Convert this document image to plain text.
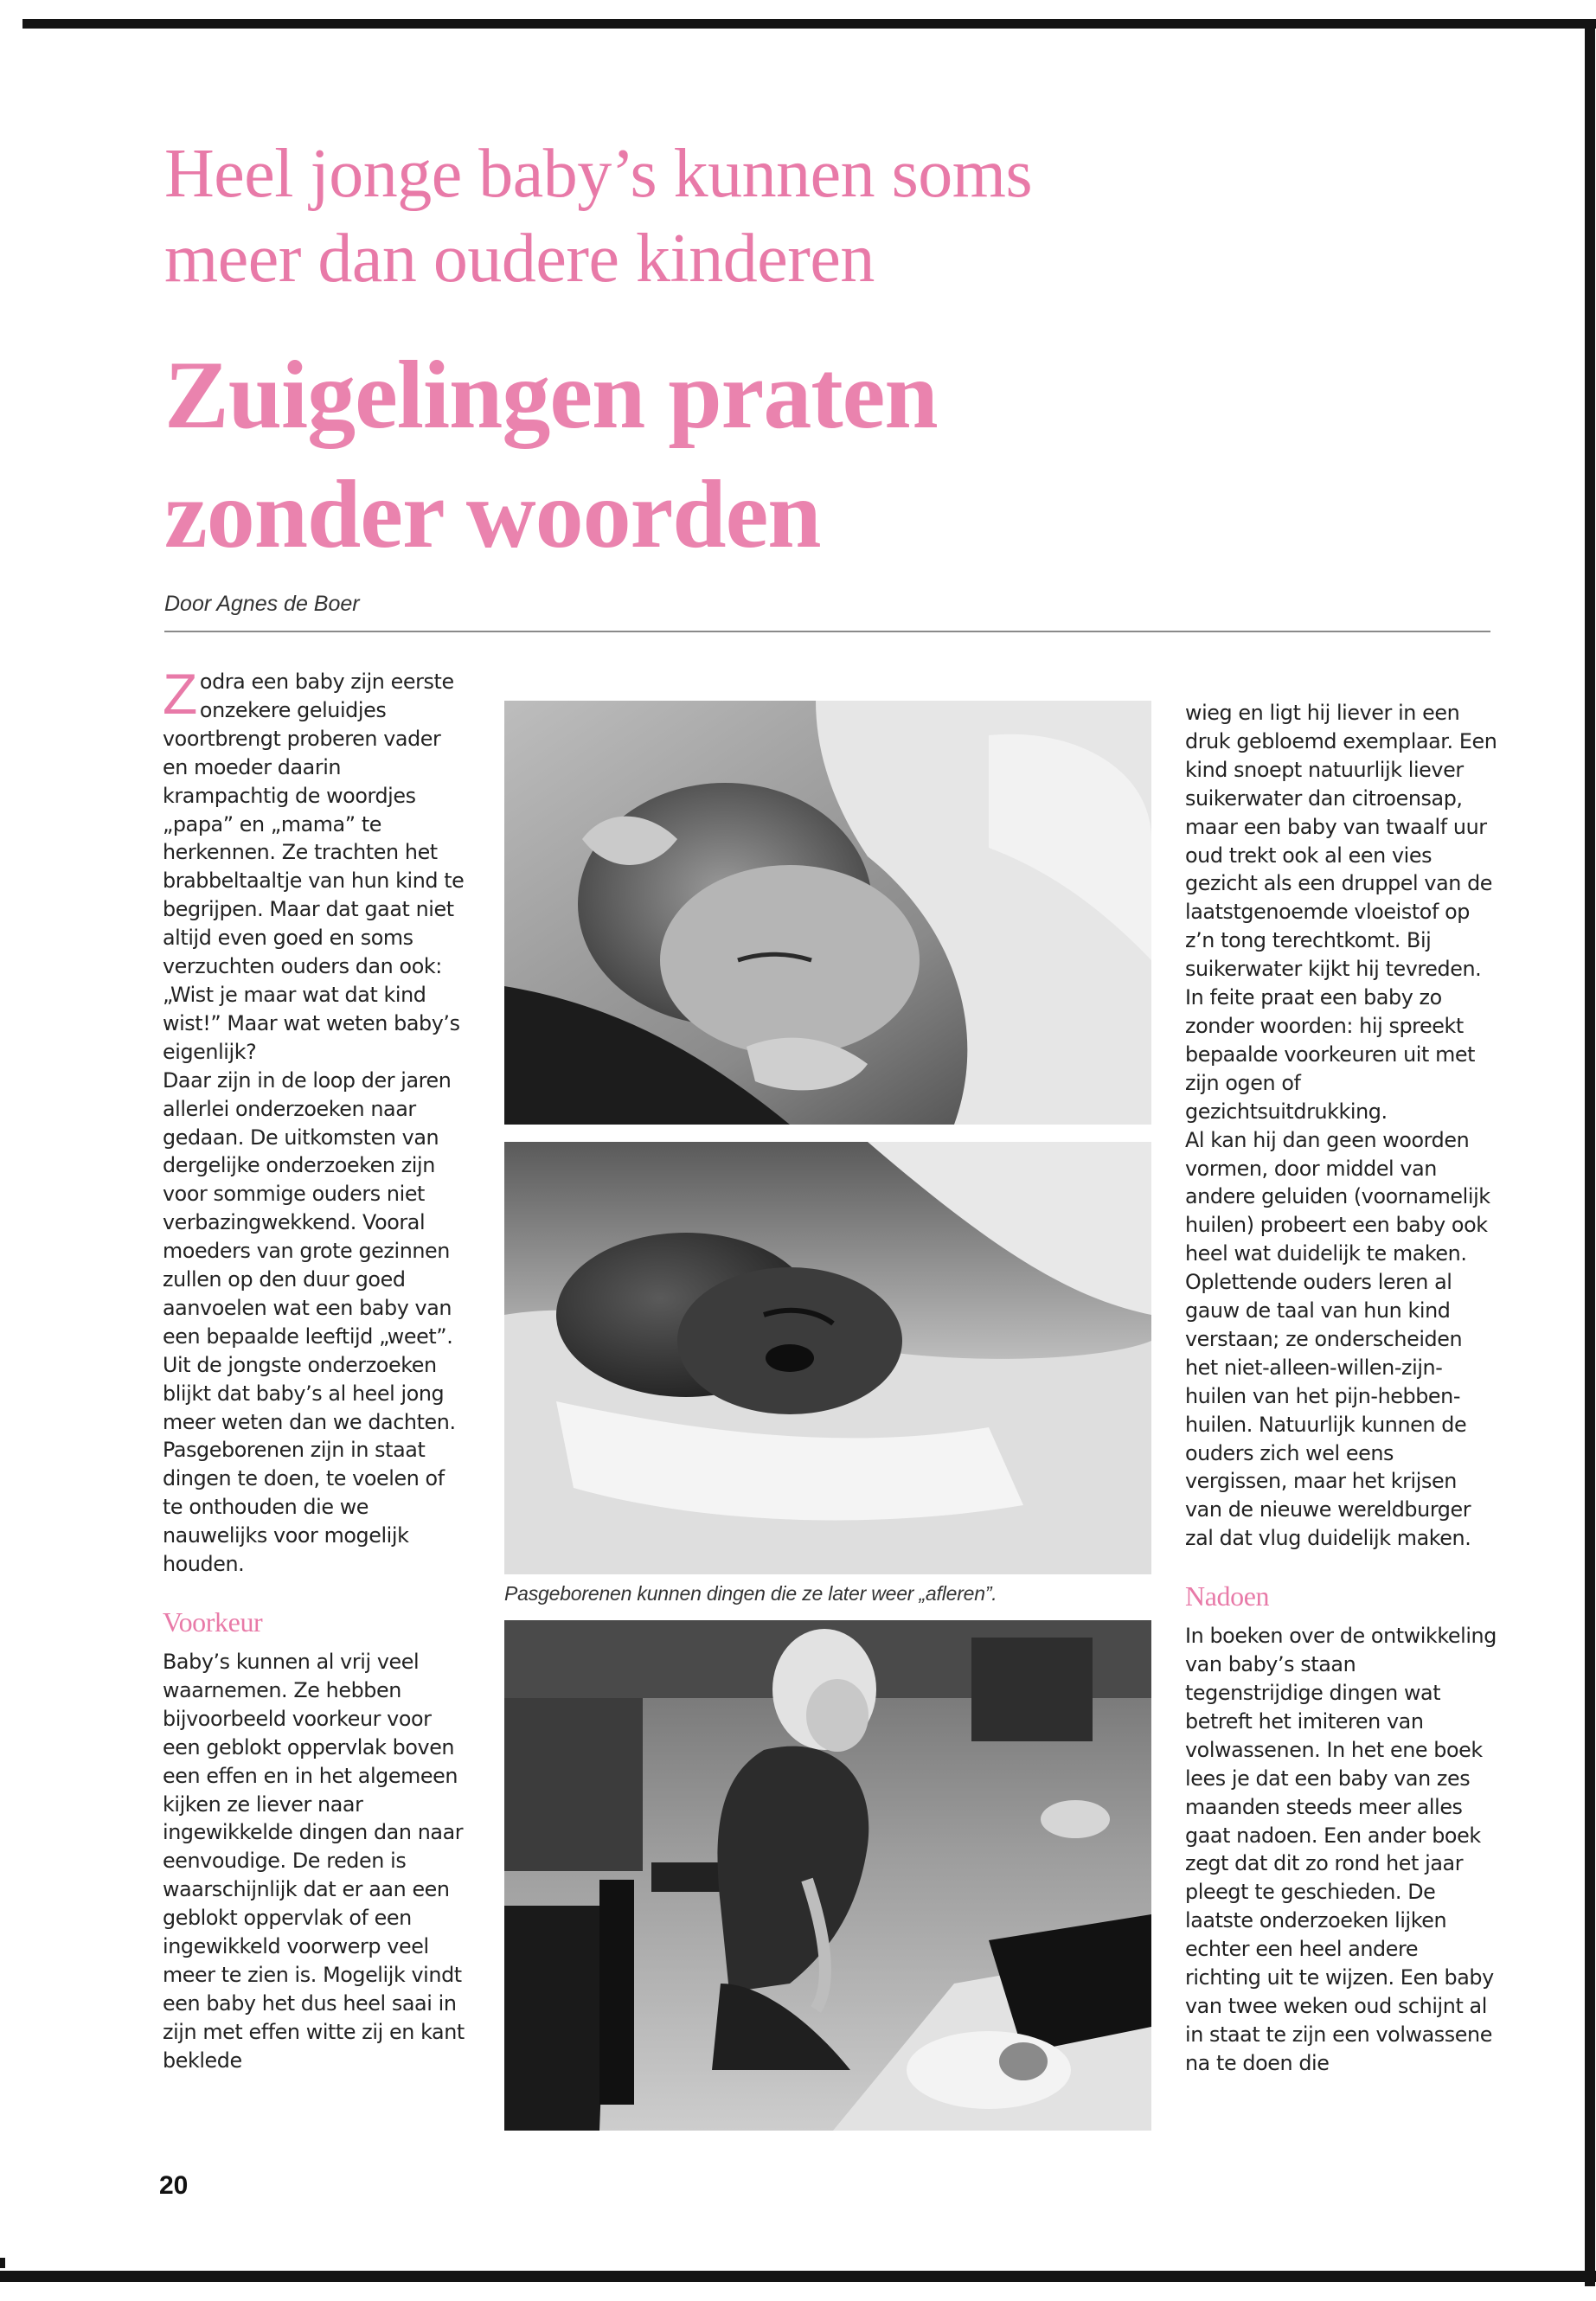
Heel jonge baby’s kunnen soms
meer dan oudere kinderen
Zuigelingen praten
zonder woorden
Door Agnes de Boer

Zodra een baby zijn eerste onzekere geluidjes voortbrengt proberen vader en moeder daarin krampachtig de woordjes „papa” en „mama” te herkennen. Ze trachten het brabbeltaaltje van hun kind te begrijpen. Maar dat gaat niet altijd even goed en soms verzuchten ouders dan ook: „Wist je maar wat dat kind wist!” Maar wat weten baby’s eigenlijk?

Daar zijn in de loop der jaren allerlei onderzoeken naar gedaan. De uitkomsten van dergelijke onderzoeken zijn voor sommige ouders niet verbazingwekkend. Vooral moeders van grote gezinnen zullen op den duur goed aanvoelen wat een baby van een bepaalde leeftijd „weet”.

Uit de jongste onderzoeken blijkt dat baby’s al heel jong meer weten dan we dachten. Pasgeborenen zijn in staat dingen te doen, te voelen of te onthouden die we nauwelijks voor mogelijk houden.

Voorkeur

Baby’s kunnen al vrij veel waarnemen. Ze hebben bijvoorbeeld voorkeur voor een geblokt oppervlak boven een effen en in het algemeen kijken ze liever naar ingewikkelde dingen dan naar eenvoudige. De reden is waarschijnlijk dat er aan een geblokt oppervlak of een ingewikkeld voorwerp veel meer te zien is. Mogelijk vindt een baby het dus heel saai in zijn met effen witte zij en kant beklede

Pasgeborenen kunnen dingen die ze later weer „afleren”.

wieg en ligt hij liever in een druk gebloemd exemplaar. Een kind snoept natuurlijk liever suikerwater dan citroensap, maar een baby van twaalf uur oud trekt ook al een vies gezicht als een druppel van de laatstgenoemde vloeistof op z’n tong terechtkomt. Bij suikerwater kijkt hij tevreden. In feite praat een baby zo zonder woorden: hij spreekt bepaalde voorkeuren uit met zijn ogen of gezichtsuitdrukking.

Al kan hij dan geen woorden vormen, door middel van andere geluiden (voornamelijk huilen) probeert een baby ook heel wat duidelijk te maken. Oplettende ouders leren al gauw de taal van hun kind verstaan; ze onderscheiden het niet-alleen-willen-zijn-huilen van het pijn-hebben-huilen. Natuurlijk kunnen de ouders zich wel eens vergissen, maar het krijsen van de nieuwe wereldburger zal dat vlug duidelijk maken.

Nadoen

In boeken over de ontwikkeling van baby’s staan tegenstrijdige dingen wat betreft het imiteren van volwassenen. In het ene boek lees je dat een baby van zes maanden steeds meer alles gaat nadoen. Een ander boek zegt dat dit zo rond het jaar pleegt te geschieden. De laatste onderzoeken lijken echter een heel andere richting uit te wijzen. Een baby van twee weken oud schijnt al in staat te zijn een volwassene na te doen die

20
